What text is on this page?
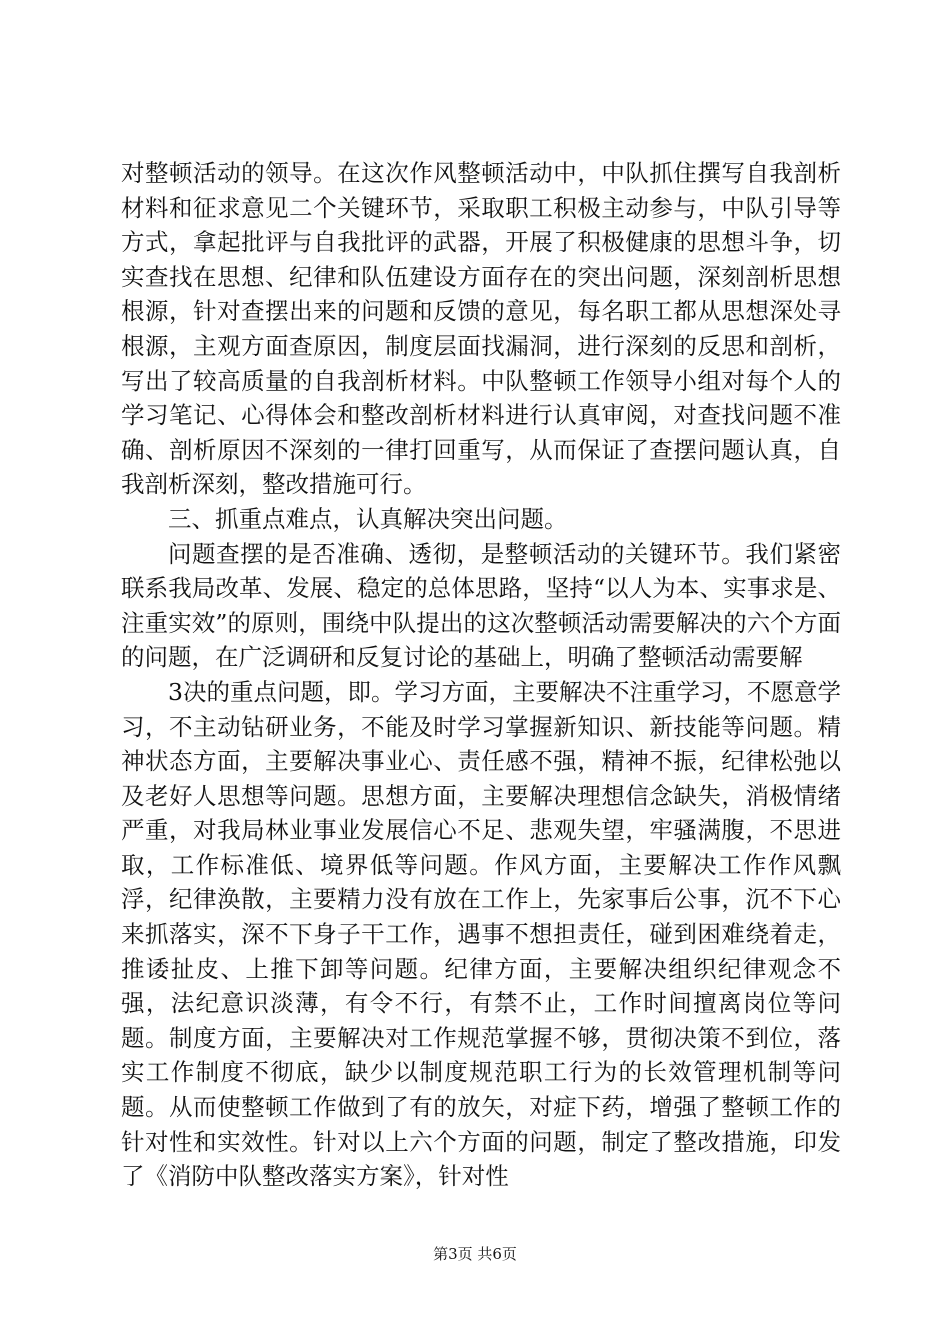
对整顿活动的领导。在这次作风整顿活动中，中队抓住撰写自我剖析材料和征求意见二个关键环节，采取职工积极主动参与，中队引导等方式，拿起批评与自我批评的武器，开展了积极健康的思想斗争，切实查找在思想、纪律和队伍建设方面存在的突出问题，深刻剖析思想根源，针对查摆出来的问题和反馈的意见，每名职工都从思想深处寻根源，主观方面查原因，制度层面找漏洞，进行深刻的反思和剖析，写出了较高质量的自我剖析材料。中队整顿工作领导小组对每个人的学习笔记、心得体会和整改剖析材料进行认真审阅，对查找问题不准确、剖析原因不深刻的一律打回重写，从而保证了查摆问题认真，自我剖析深刻，整改措施可行。

三、抓重点难点，认真解决突出问题。

问题查摆的是否准确、透彻，是整顿活动的关键环节。我们紧密联系我局改革、发展、稳定的总体思路，坚持“以人为本、实事求是、注重实效”的原则，围绕中队提出的这次整顿活动需要解决的六个方面的问题，在广泛调研和反复讨论的基础上，明确了整顿活动需要解

3决的重点问题，即。学习方面，主要解决不注重学习，不愿意学习，不主动钻研业务，不能及时学习掌握新知识、新技能等问题。精神状态方面，主要解决事业心、责任感不强，精神不振，纪律松弛以及老好人思想等问题。思想方面，主要解决理想信念缺失，消极情绪严重，对我局林业事业发展信心不足、悲观失望，牢骚满腹，不思进取，工作标准低、境界低等问题。作风方面，主要解决工作作风飘浮，纪律涣散，主要精力没有放在工作上，先家事后公事，沉不下心来抓落实，深不下身子干工作，遇事不想担责任，碰到困难绕着走，推诿扯皮、上推下卸等问题。纪律方面，主要解决组织纪律观念不强，法纪意识淡薄，有令不行，有禁不止，工作时间擅离岗位等问题。制度方面，主要解决对工作规范掌握不够，贯彻决策不到位，落实工作制度不彻底，缺少以制度规范职工行为的长效管理机制等问题。从而使整顿工作做到了有的放矢，对症下药，增强了整顿工作的针对性和实效性。针对以上六个方面的问题，制定了整改措施，印发了《消防中队整改落实方案》，针对性

第3页 共6页
